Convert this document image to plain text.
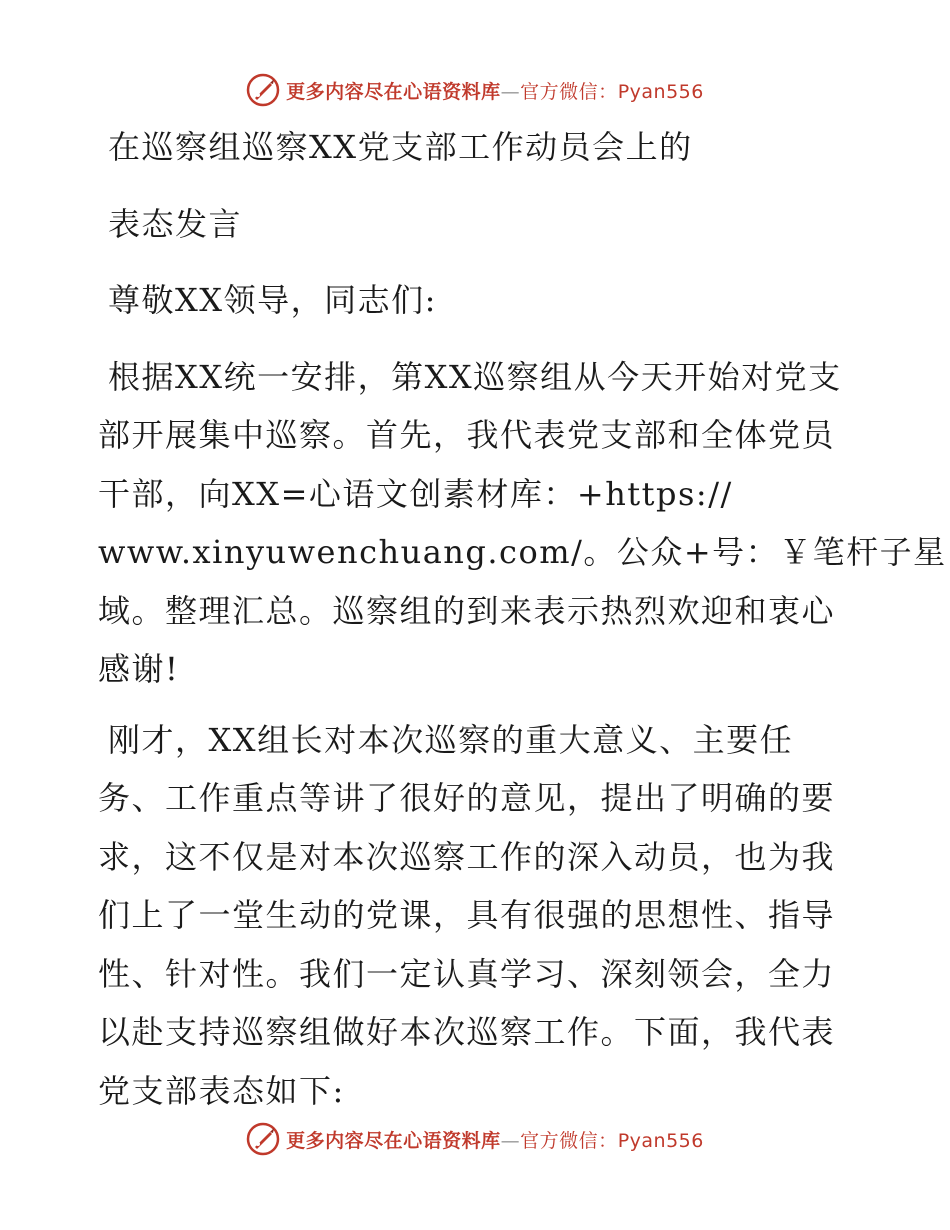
更多内容尽在心语资料库—官方微信：Pyan556
在巡察组巡察XX党支部工作动员会上的
表态发言
尊敬XX领导，同志们:
根据XX统一安排，第XX巡察组从今天开始对党支
部开展集中巡察。首先，我代表党支部和全体党员
干部，向XX=心语文创素材库：+https://
www.xinyuwenchuang.com/。公众+号：￥笔杆子星
域。整理汇总。巡察组的到来表示热烈欢迎和衷心
感谢!
刚才，XX组长对本次巡察的重大意义、主要任
务、工作重点等讲了很好的意见，提出了明确的要
求，这不仅是对本次巡察工作的深入动员，也为我
们上了一堂生动的党课，具有很强的思想性、指导
性、针对性。我们一定认真学习、深刻领会，全力
以赴支持巡察组做好本次巡察工作。下面，我代表
党支部表态如下:
更多内容尽在心语资料库—官方微信：Pyan556
